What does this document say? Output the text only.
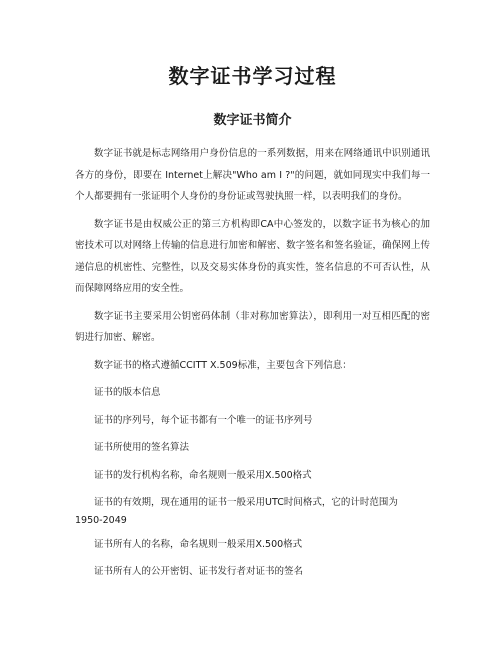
数字证书学习过程
数字证书简介

数字证书就是标志网络用户身份信息的一系列数据，用来在网络通讯中识别通讯各方的身份，即要在 Internet上解决"Who am I ?"的问题，就如同现实中我们每一个人都要拥有一张证明个人身份的身份证或驾驶执照一样，以表明我们的身份。

数字证书是由权威公正的第三方机构即CA中心签发的，以数字证书为核心的加密技术可以对网络上传输的信息进行加密和解密、数字签名和签名验证，确保网上传递信息的机密性、完整性，以及交易实体身份的真实性，签名信息的不可否认性，从而保障网络应用的安全性。

数字证书主要采用公钥密码体制（非对称加密算法），即利用一对互相匹配的密钥进行加密、解密。

数字证书的格式遵循CCITT X.509标准，主要包含下列信息：

证书的版本信息

证书的序列号，每个证书都有一个唯一的证书序列号

证书所使用的签名算法

证书的发行机构名称，命名规则一般采用X.500格式

证书的有效期，现在通用的证书一般采用UTC时间格式，它的计时范围为
1950-2049

证书所有人的名称，命名规则一般采用X.500格式

证书所有人的公开密钥、证书发行者对证书的签名
